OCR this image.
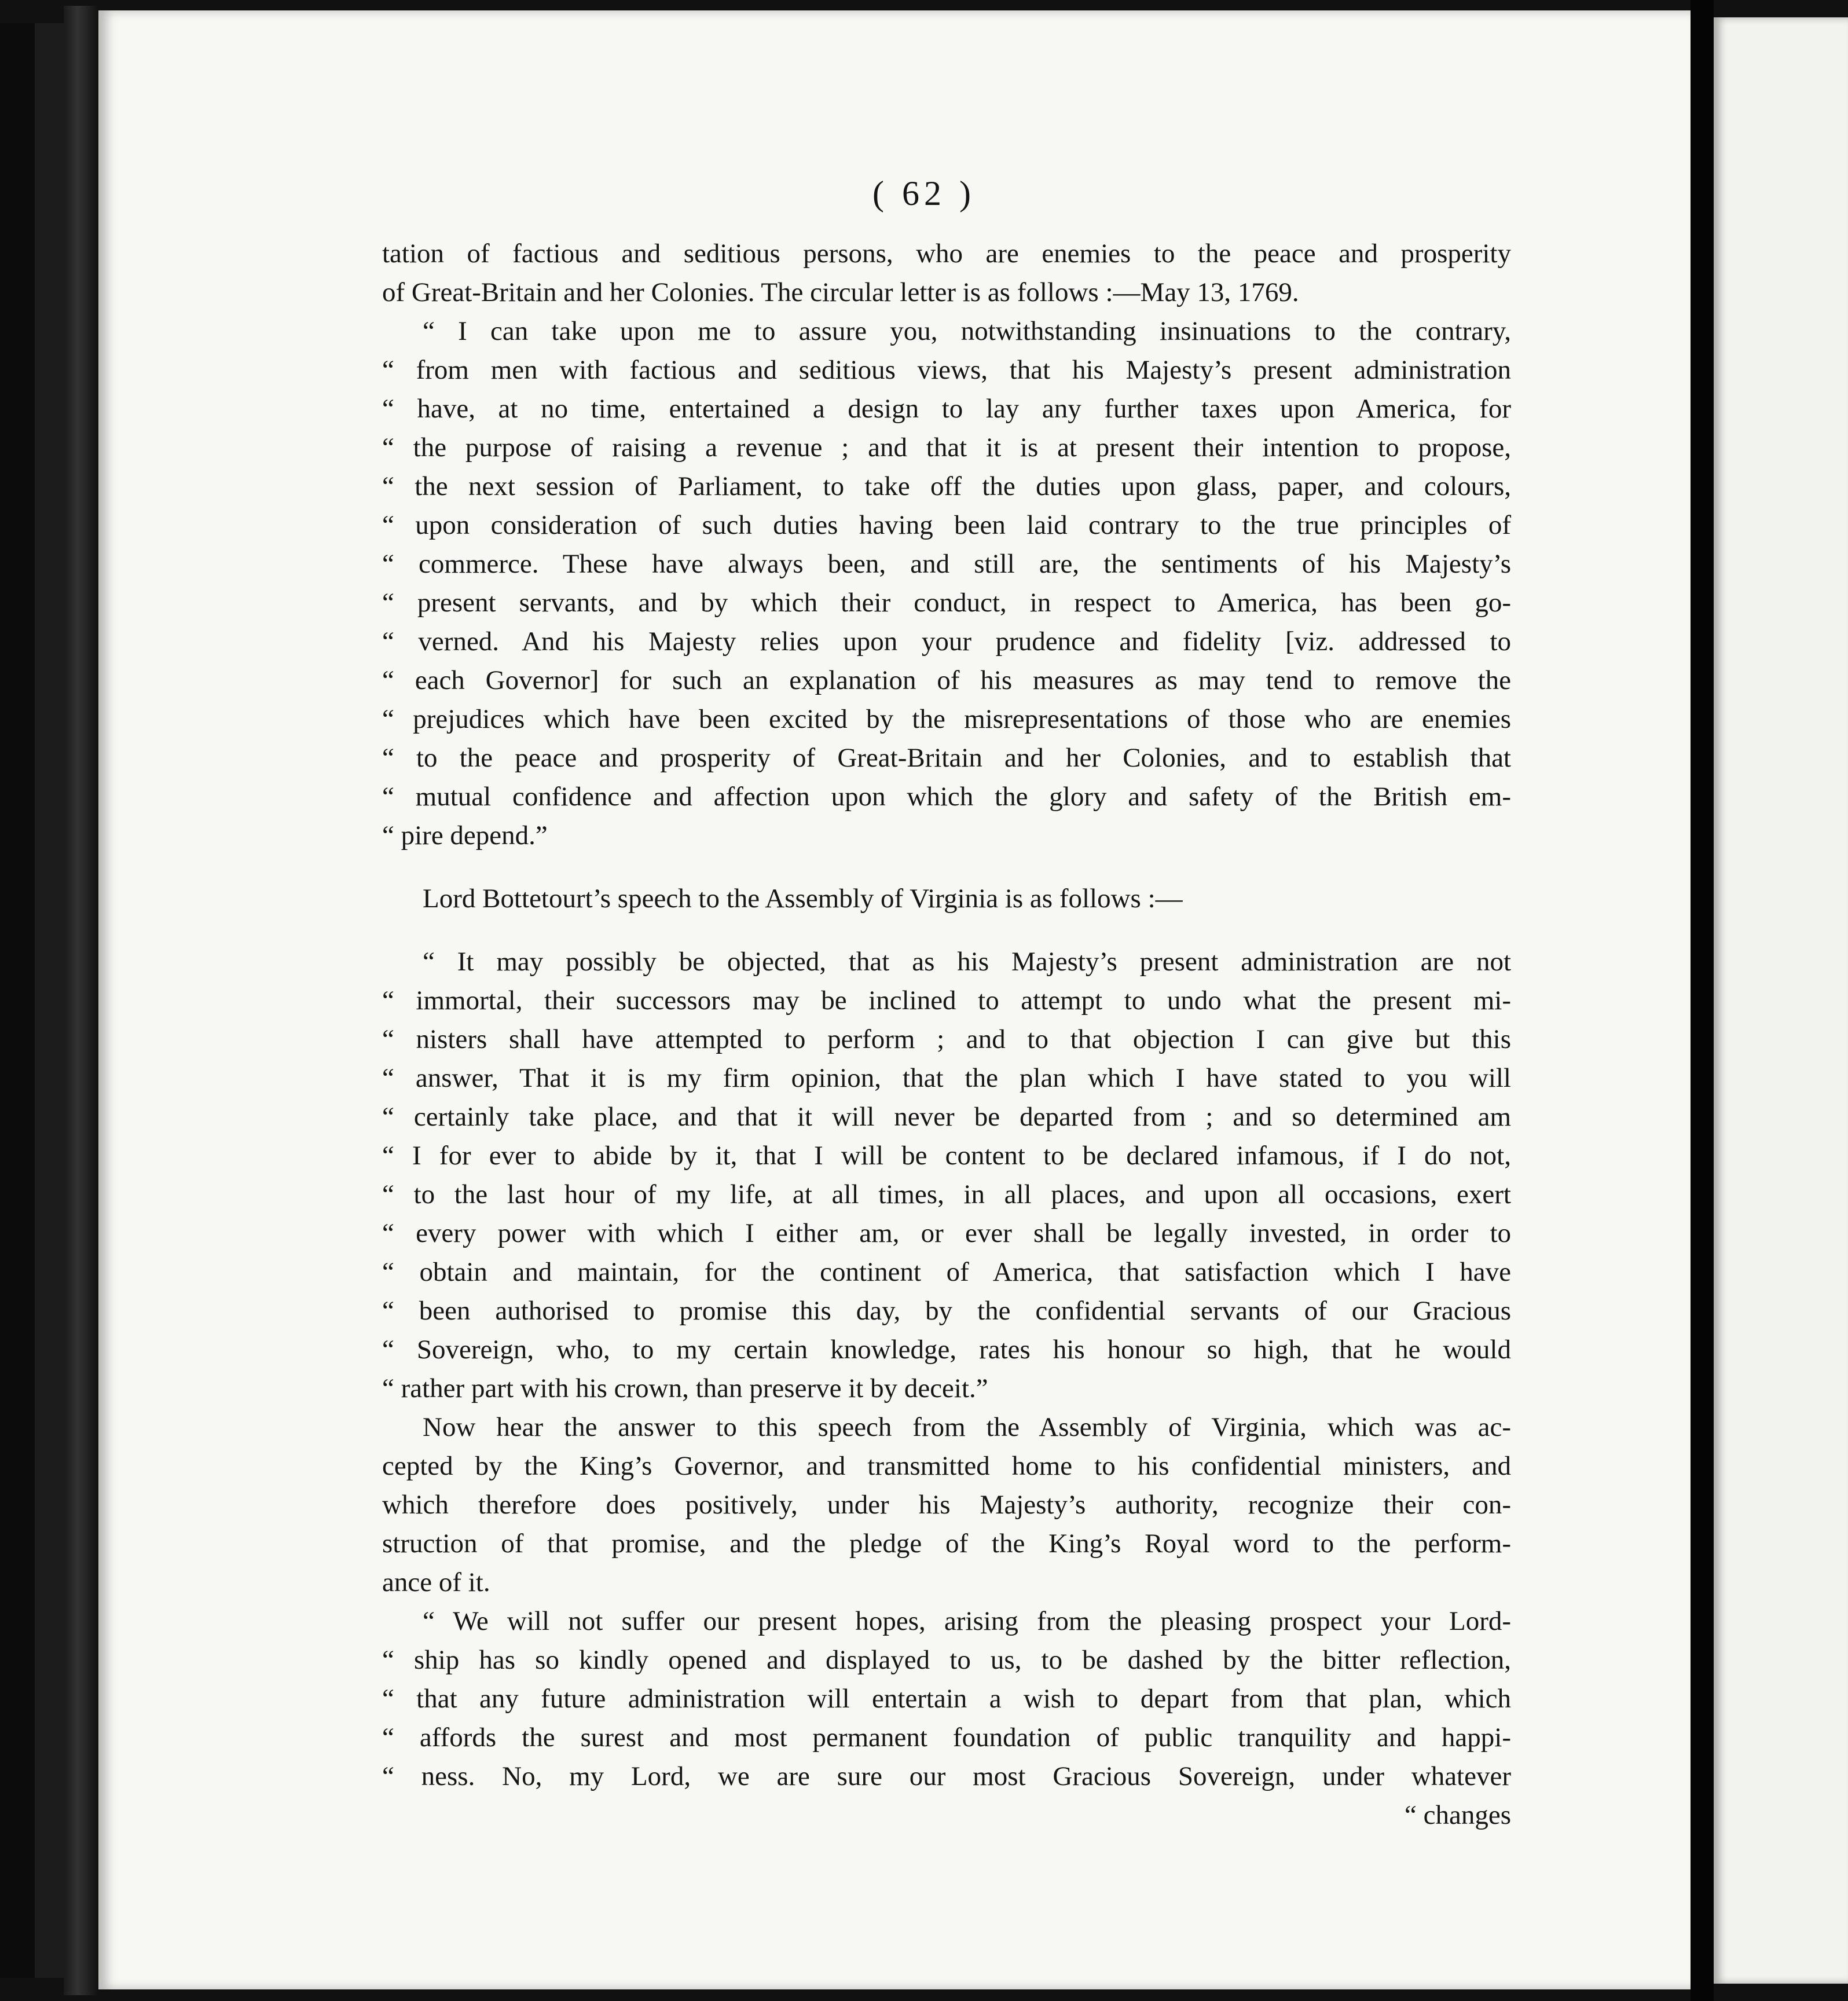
( 62 )
tation of factious and seditious persons, who are enemies to the peace and prosperity
of Great-Britain and her Colonies. The circular letter is as follows :—May 13, 1769.
“ I can take upon me to assure you, notwithstanding insinuations to the contrary,
“ from men with factious and seditious views, that his Majesty’s present administration
“ have, at no time, entertained a design to lay any further taxes upon America, for
“ the purpose of raising a revenue ; and that it is at present their intention to propose,
“ the next session of Parliament, to take off the duties upon glass, paper, and colours,
“ upon consideration of such duties having been laid contrary to the true principles of
“ commerce. These have always been, and still are, the sentiments of his Majesty’s
“ present servants, and by which their conduct, in respect to America, has been go-
“ verned. And his Majesty relies upon your prudence and fidelity [viz. addressed to
“ each Governor] for such an explanation of his measures as may tend to remove the
“ prejudices which have been excited by the misrepresentations of those who are enemies
“ to the peace and prosperity of Great-Britain and her Colonies, and to establish that
“ mutual confidence and affection upon which the glory and safety of the British em-
“ pire depend.”
Lord Bottetourt’s speech to the Assembly of Virginia is as follows :—
“ It may possibly be objected, that as his Majesty’s present administration are not
“ immortal, their successors may be inclined to attempt to undo what the present mi-
“ nisters shall have attempted to perform ; and to that objection I can give but this
“ answer, That it is my firm opinion, that the plan which I have stated to you will
“ certainly take place, and that it will never be departed from ; and so determined am
“ I for ever to abide by it, that I will be content to be declared infamous, if I do not,
“ to the last hour of my life, at all times, in all places, and upon all occasions, exert
“ every power with which I either am, or ever shall be legally invested, in order to
“ obtain and maintain, for the continent of America, that satisfaction which I have
“ been authorised to promise this day, by the confidential servants of our Gracious
“ Sovereign, who, to my certain knowledge, rates his honour so high, that he would
“ rather part with his crown, than preserve it by deceit.”
Now hear the answer to this speech from the Assembly of Virginia, which was ac-
cepted by the King’s Governor, and transmitted home to his confidential ministers, and
which therefore does positively, under his Majesty’s authority, recognize their con-
struction of that promise, and the pledge of the King’s Royal word to the perform-
ance of it.
“ We will not suffer our present hopes, arising from the pleasing prospect your Lord-
“ ship has so kindly opened and displayed to us, to be dashed by the bitter reflection,
“ that any future administration will entertain a wish to depart from that plan, which
“ affords the surest and most permanent foundation of public tranquility and happi-
“ ness. No, my Lord, we are sure our most Gracious Sovereign, under whatever
“ changes
